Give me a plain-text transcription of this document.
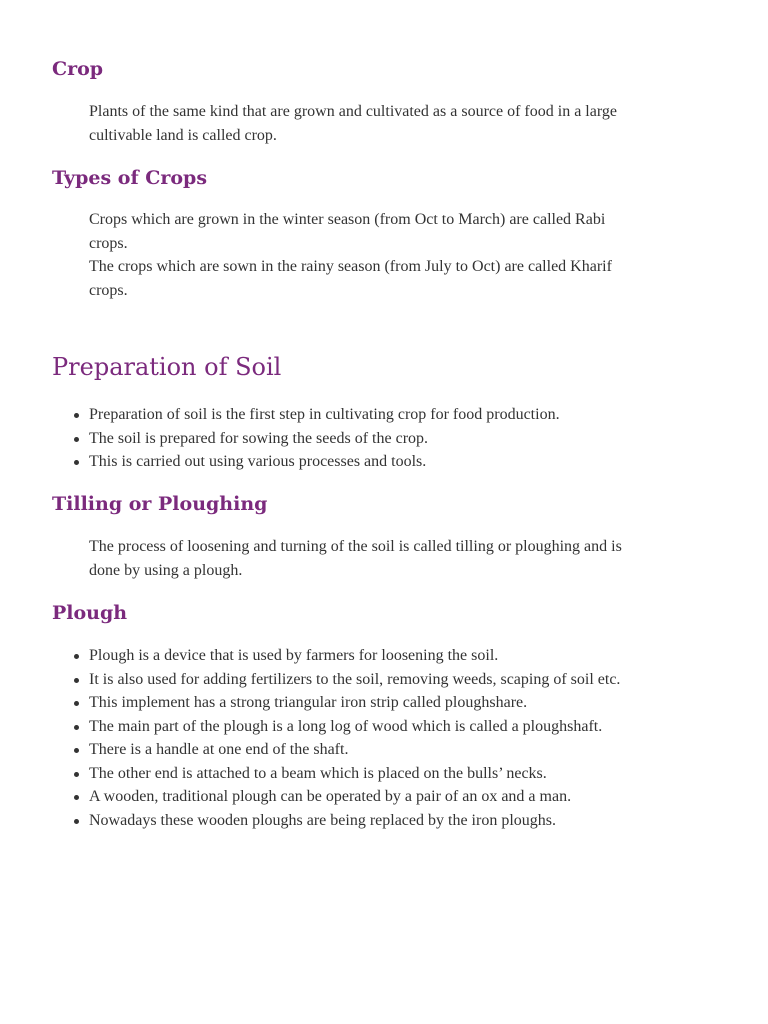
Crop
Plants of the same kind that are grown and cultivated as a source of food in a large
cultivable land is called crop.
Types of Crops
Crops which are grown in the winter season (from Oct to March) are called Rabi
crops.
The crops which are sown in the rainy season (from July to Oct) are called Kharif
crops.
Preparation of Soil
Preparation of soil is the first step in cultivating crop for food production.
The soil is prepared for sowing the seeds of the crop.
This is carried out using various processes and tools.
Tilling or Ploughing
The process of loosening and turning of the soil is called tilling or ploughing and is
done by using a plough.
Plough
Plough is a device that is used by farmers for loosening the soil.
It is also used for adding fertilizers to the soil, removing weeds, scaping of soil etc.
This implement has a strong triangular iron strip called ploughshare.
The main part of the plough is a long log of wood which is called a ploughshaft.
There is a handle at one end of the shaft.
The other end is attached to a beam which is placed on the bulls’ necks.
A wooden, traditional plough can be operated by a pair of an ox and a man.
Nowadays these wooden ploughs are being replaced by the iron ploughs.
